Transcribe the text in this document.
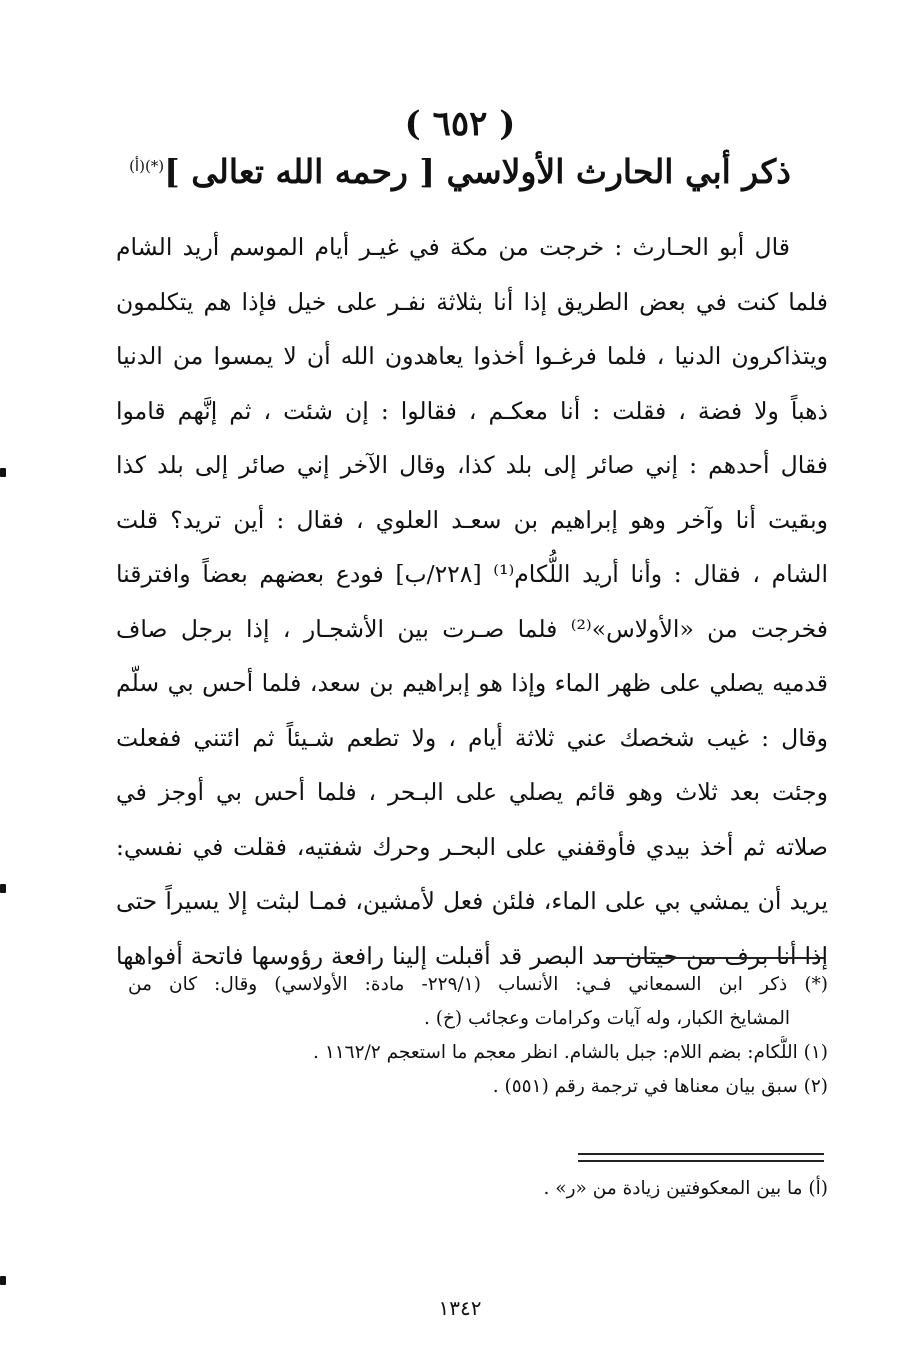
( ٦٥٢ )
ذكر أبي الحارث الأولاسي [ رحمه الله تعالى ]$^{(*)(أ)}$
قال أبو الحـارث : خرجت من مكة في غيـر أيام الموسم أريد الشام
فلما كنت في بعض الطريق إذا أنا بثلاثة نفـر على خيل فإذا هم يتكلمون
ويتذاكرون الدنيا ، فلما فرغـوا أخذوا يعاهدون الله أن لا يمسوا من الدنيا
ذهباً ولا فضة ، فقلت : أنا معكـم ، فقالوا : إن شئت ، ثم إنَّهم قاموا
فقال أحدهم : إني صائر إلى بلد كذا، وقال الآخر إني صائر إلى بلد كذا
وبقيت أنا وآخر وهو إبراهيم بن سعـد العلوي ، فقال : أين تريد؟ قلت
الشام ، فقال : وأنا أريد اللُّكام⁽¹⁾ [٢٢٨/ب] فودع بعضهم بعضاً وافترقنا
فخرجت من «الأولاس»⁽²⁾ فلما صـرت بين الأشجـار ، إذا برجل صاف
قدميه يصلي على ظهر الماء وإذا هو إبراهيم بن سعد، فلما أحس بي سلّم
وقال : غيب شخصك عني ثلاثة أيام ، ولا تطعم شـيئاً ثم ائتني ففعلت
وجئت بعد ثلاث وهو قائم يصلي على البـحر ، فلما أحس بي أوجز في
صلاته ثم أخذ بيدي فأوقفني على البحـر وحرك شفتيه، فقلت في نفسي:
يريد أن يمشي بي على الماء، فلئن فعل لأمشين، فمـا لبثت إلا يسيراً حتى
إذا أنا برف من حيتان مد البصر قد أقبلت إلينا رافعة رؤوسها فاتحة أفواهها
(*) ذكر ابن السمعاني فـي: الأنساب (٢٢٩/١- مادة: الأولاسي) وقال: كان من
المشايخ الكبار، وله آيات وكرامات وعجائب (خ) .
(١) اللُّكام: بضم اللام: جبل بالشام. انظر معجم ما استعجم ١١٦٢/٢ .
(٢) سبق بيان معناها في ترجمة رقم (٥٥١) .
(أ) ما بين المعكوفتين زيادة من «ر» .
١٣٤٢
